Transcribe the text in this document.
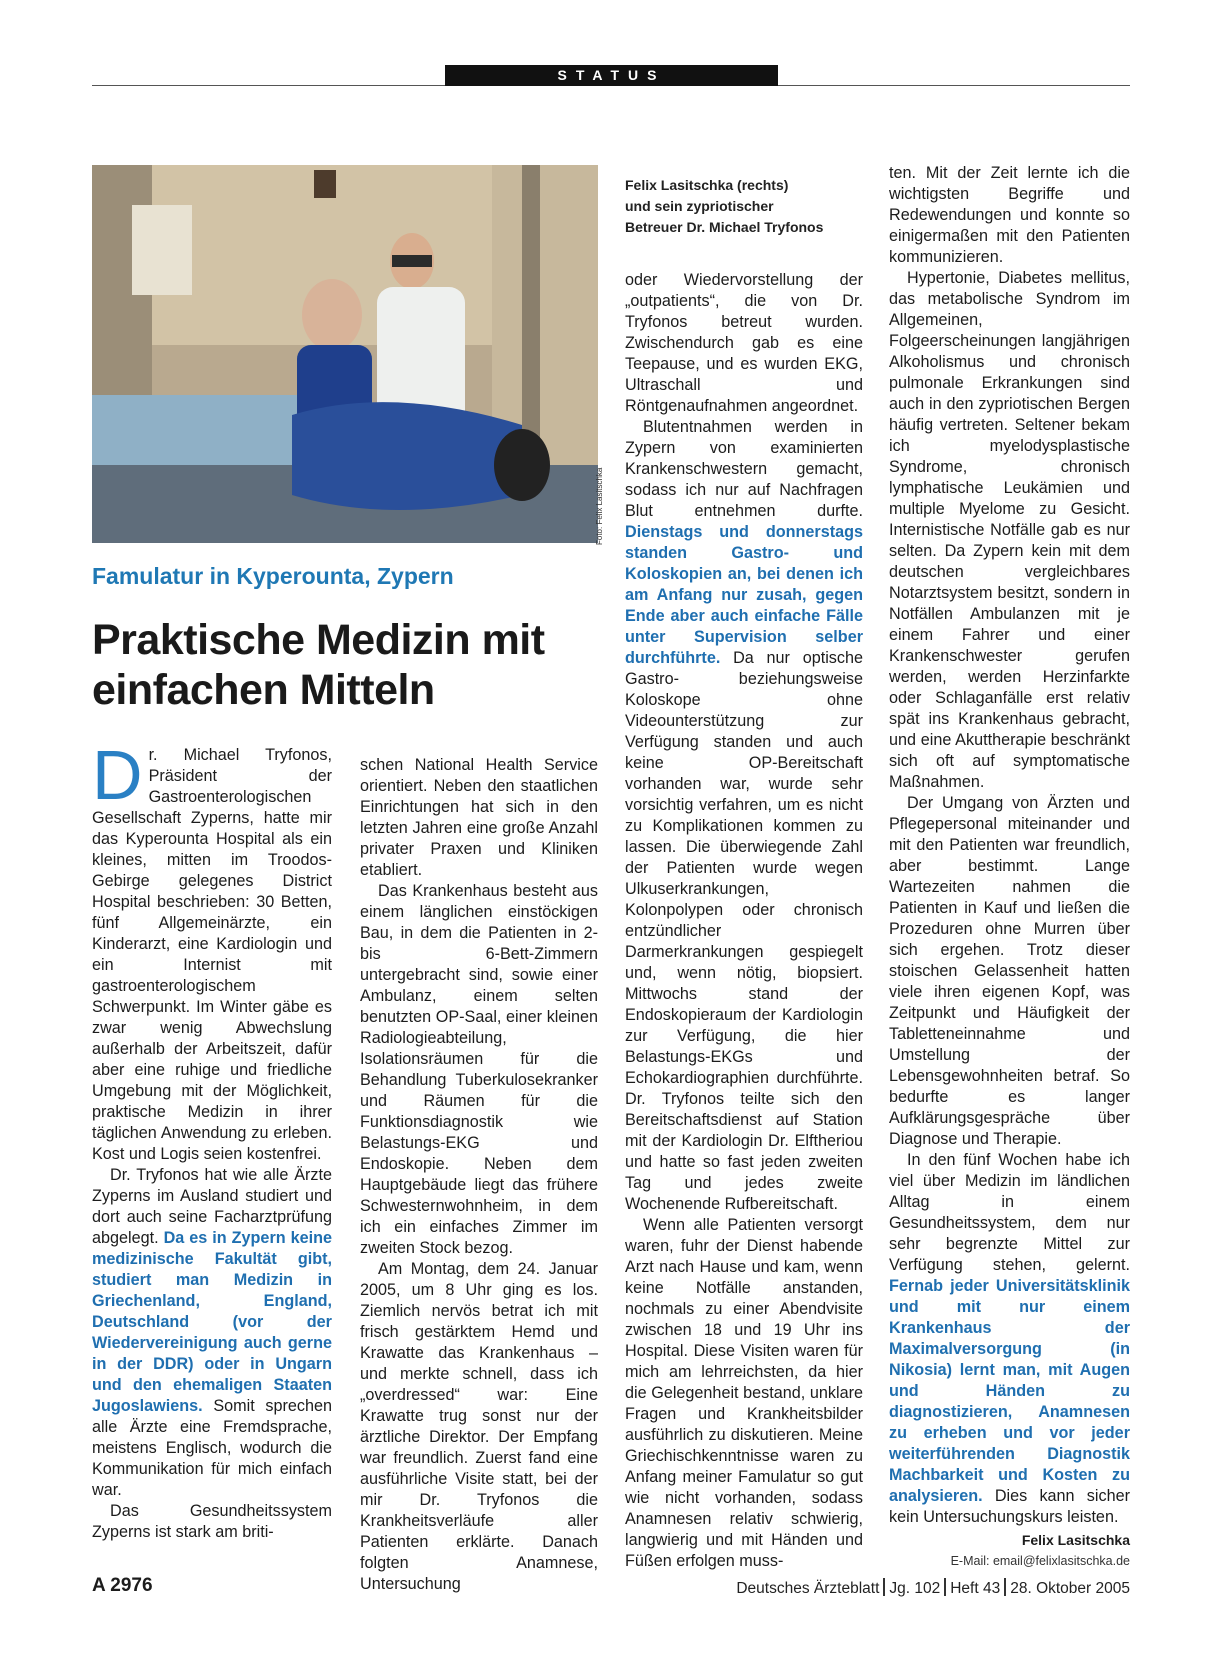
STATUS
Foto: Felix Lasitschka
Felix Lasitschka (rechts)
und sein zypriotischer
Betreuer Dr. Michael Tryfonos
Famulatur in Kyperounta, Zypern
Praktische Medizin mit
einfachen Mitteln

Dr. Michael Tryfonos, Präsident der Gastroenterologischen Gesellschaft Zyperns, hatte mir das Kyperounta Hospital als ein kleines, mitten im Troodos-Gebirge gelegenes District Hospital beschrieben: 30 Betten, fünf Allgemeinärzte, ein Kinderarzt, eine Kardiologin und ein Internist mit gastroenterologischem Schwerpunkt. Im Winter gäbe es zwar wenig Abwechslung außerhalb der Arbeitszeit, dafür aber eine ruhige und friedliche Umgebung mit der Möglichkeit, praktische Medizin in ihrer täglichen Anwendung zu erleben. Kost und Logis seien kostenfrei.

Dr. Tryfonos hat wie alle Ärzte Zyperns im Ausland studiert und dort auch seine Facharztprüfung abgelegt. Da es in Zypern keine medizinische Fakultät gibt, studiert man Medizin in Griechenland, England, Deutschland (vor der Wiedervereinigung auch gerne in der DDR) oder in Ungarn und den ehemaligen Staaten Jugoslawiens. Somit sprechen alle Ärzte eine Fremdsprache, meistens Englisch, wodurch die Kommunikation für mich einfach war.

Das Gesundheitssystem Zyperns ist stark am briti-

schen National Health Service orientiert. Neben den staatlichen Einrichtungen hat sich in den letzten Jahren eine große Anzahl privater Praxen und Kliniken etabliert.

Das Krankenhaus besteht aus einem länglichen einstöckigen Bau, in dem die Patienten in 2- bis 6-Bett-Zimmern untergebracht sind, sowie einer Ambulanz, einem selten benutzten OP-Saal, einer kleinen Radiologieabteilung, Isolationsräumen für die Behandlung Tuberkulosekranker und Räumen für die Funktionsdiagnostik wie Belastungs-EKG und Endoskopie. Neben dem Hauptgebäude liegt das frühere Schwesternwohnheim, in dem ich ein einfaches Zimmer im zweiten Stock bezog.

Am Montag, dem 24. Januar 2005, um 8 Uhr ging es los. Ziemlich nervös betrat ich mit frisch gestärktem Hemd und Krawatte das Krankenhaus – und merkte schnell, dass ich „overdressed“ war: Eine Krawatte trug sonst nur der ärztliche Direktor. Der Empfang war freundlich. Zuerst fand eine ausführliche Visite statt, bei der mir Dr. Tryfonos die Krankheitsverläufe aller Patienten erklärte. Danach folgten Anamnese, Untersuchung

oder Wiedervorstellung der „outpatients“, die von Dr. Tryfonos betreut wurden. Zwischendurch gab es eine Teepause, und es wurden EKG, Ultraschall und Röntgenaufnahmen angeordnet.

Blutentnahmen werden in Zypern von examinierten Krankenschwestern gemacht, sodass ich nur auf Nachfragen Blut entnehmen durfte. Dienstags und donnerstags standen Gastro- und Koloskopien an, bei denen ich am Anfang nur zusah, gegen Ende aber auch einfache Fälle unter Supervision selber durchführte. Da nur optische Gastro- beziehungsweise Koloskope ohne Videounterstützung zur Verfügung standen und auch keine OP-Bereitschaft vorhanden war, wurde sehr vorsichtig verfahren, um es nicht zu Komplikationen kommen zu lassen. Die überwiegende Zahl der Patienten wurde wegen Ulkuserkrankungen, Kolonpolypen oder chronisch entzündlicher Darmerkrankungen gespiegelt und, wenn nötig, biopsiert. Mittwochs stand der Endoskopieraum der Kardiologin zur Verfügung, die hier Belastungs-EKGs und Echokardiographien durchführte. Dr. Tryfonos teilte sich den Bereitschaftsdienst auf Station mit der Kardiologin Dr. Elftheriou und hatte so fast jeden zweiten Tag und jedes zweite Wochenende Rufbereitschaft.

Wenn alle Patienten versorgt waren, fuhr der Dienst habende Arzt nach Hause und kam, wenn keine Notfälle anstanden, nochmals zu einer Abendvisite zwischen 18 und 19 Uhr ins Hospital. Diese Visiten waren für mich am lehrreichsten, da hier die Gelegenheit bestand, unklare Fragen und Krankheitsbilder ausführlich zu diskutieren. Meine Griechischkenntnisse waren zu Anfang meiner Famulatur so gut wie nicht vorhanden, sodass Anamnesen relativ schwierig, langwierig und mit Händen und Füßen erfolgen muss-

ten. Mit der Zeit lernte ich die wichtigsten Begriffe und Redewendungen und konnte so einigermaßen mit den Patienten kommunizieren.

Hypertonie, Diabetes mellitus, das metabolische Syndrom im Allgemeinen, Folgeerscheinungen langjährigen Alkoholismus und chronisch pulmonale Erkrankungen sind auch in den zypriotischen Bergen häufig vertreten. Seltener bekam ich myelodysplastische Syndrome, chronisch lymphatische Leukämien und multiple Myelome zu Gesicht. Internistische Notfälle gab es nur selten. Da Zypern kein mit dem deutschen vergleichbares Notarztsystem besitzt, sondern in Notfällen Ambulanzen mit je einem Fahrer und einer Krankenschwester gerufen werden, werden Herzinfarkte oder Schlaganfälle erst relativ spät ins Krankenhaus gebracht, und eine Akuttherapie beschränkt sich oft auf symptomatische Maßnahmen.

Der Umgang von Ärzten und Pflegepersonal miteinander und mit den Patienten war freundlich, aber bestimmt. Lange Wartezeiten nahmen die Patienten in Kauf und ließen die Prozeduren ohne Murren über sich ergehen. Trotz dieser stoischen Gelassenheit hatten viele ihren eigenen Kopf, was Zeitpunkt und Häufigkeit der Tabletteneinnahme und Umstellung der Lebensgewohnheiten betraf. So bedurfte es langer Aufklärungsgespräche über Diagnose und Therapie.

In den fünf Wochen habe ich viel über Medizin im ländlichen Alltag in einem Gesundheitssystem, dem nur sehr begrenzte Mittel zur Verfügung stehen, gelernt. Fernab jeder Universitätsklinik und mit nur einem Krankenhaus der Maximalversorgung (in Nikosia) lernt man, mit Augen und Händen zu diagnostizieren, Anamnesen zu erheben und vor jeder weiterführenden Diagnostik Machbarkeit und Kosten zu analysieren. Dies kann sicher kein Untersuchungskurs leisten.

Felix Lasitschka
E-Mail: email@felixlasitschka.de
A 2976	Deutsches Ärzteblatt Jg. 102 Heft 43 28. Oktober 2005
